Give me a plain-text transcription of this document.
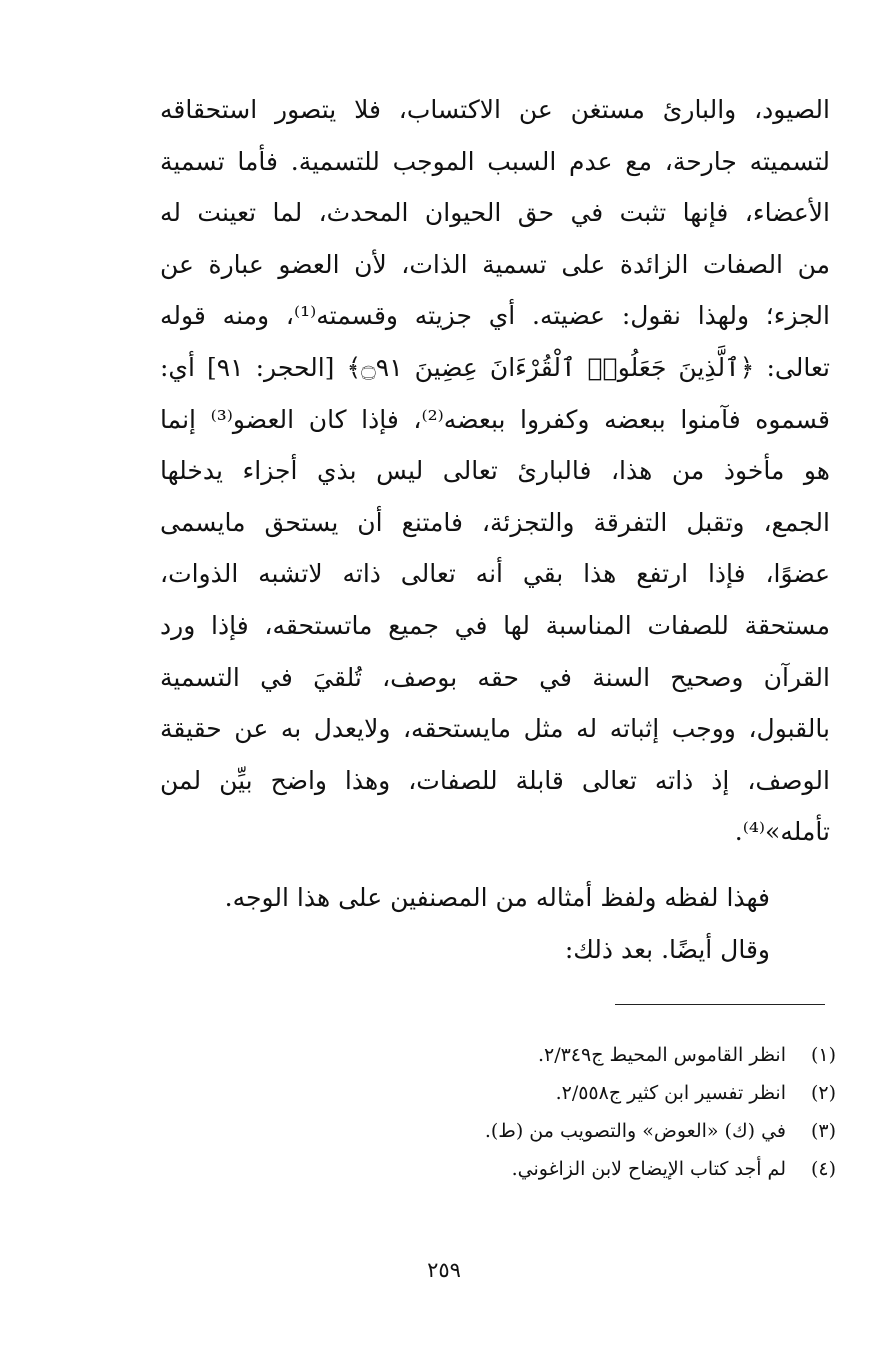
الصيود، والبارئ مستغن عن الاكتساب، فلا يتصور استحقاقه
لتسميته جارحة، مع عدم السبب الموجب للتسمية. فأما تسمية
الأعضاء، فإنها تثبت في حق الحيوان المحدث، لما تعينت له
من الصفات الزائدة على تسمية الذات، لأن العضو عبارة عن
الجزء؛ ولهذا نقول: عضيته. أي جزيته وقسمته⁽¹⁾، ومنه قوله
تعالى: ﴿ٱلَّذِينَ جَعَلُوا۟ ٱلْقُرْءَانَ عِضِينَ ۝٩١﴾ [الحجر: ٩١] أي:
قسموه فآمنوا ببعضه وكفروا ببعضه⁽²⁾، فإذا كان العضو⁽³⁾ إنما
هو مأخوذ من هذا، فالبارئ تعالى ليس بذي أجزاء يدخلها
الجمع، وتقبل التفرقة والتجزئة، فامتنع أن يستحق مايسمى
عضوًا، فإذا ارتفع هذا بقي أنه تعالى ذاته لاتشبه الذوات،
مستحقة للصفات المناسبة لها في جميع ماتستحقه، فإذا ورد
القرآن وصحيح السنة في حقه بوصف، تُلقيَ في التسمية
بالقبول، ووجب إثباته له مثل مايستحقه، ولايعدل به عن حقيقة
الوصف، إذ ذاته تعالى قابلة للصفات، وهذا واضح بيِّن لمن
تأمله»⁽⁴⁾.
فهذا لفظه ولفظ أمثاله من المصنفين على هذا الوجه.
وقال أيضًا. بعد ذلك:
(١)
انظر القاموس المحيط ج٢/٣٤٩.
(٢)
انظر تفسير ابن كثير ج٢/٥٥٨.
(٣)
في (ك) «العوض» والتصويب من (ط).
(٤)
لم أجد كتاب الإيضاح لابن الزاغوني.
٢٥٩
